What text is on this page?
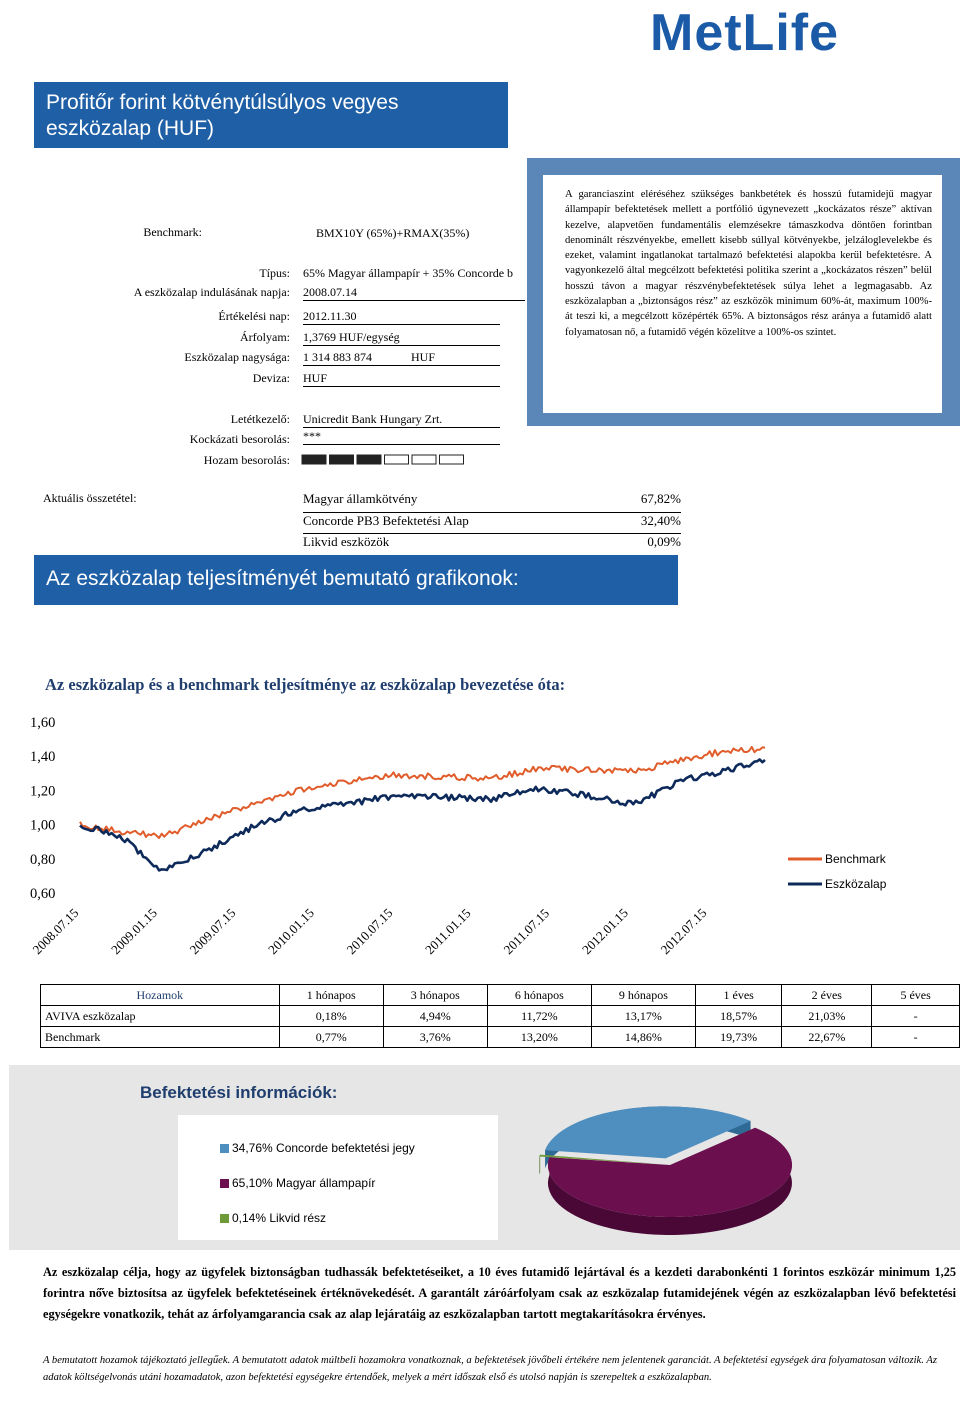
MetLife
Profitőr forint kötvénytúlsúlyos vegyes eszközalap (HUF)
Benchmark:	BMX10Y (65%)+RMAX(35%)
Típus: 65% Magyar állampapír + 35% Concorde b
A eszközalap indulásának napja: 2008.07.14
Értékelési nap: 2012.11.30
Árfolyam: 1,3769 HUF/egység
Eszközalap nagysága: 1 314 883 874	HUF
Deviza: HUF
Letétkezelő: Unicredit Bank Hungary Zrt.
Kockázati besorolás: ***
Hozam besorolás:
A garanciaszint eléréséhez szükséges bankbetétek és hosszú futamidejű magyar állampapír befektetések mellett a portfólió úgynevezett „kockázatos része” aktívan kezelve, alapvetően fundamentális elemzésekre támaszkodva döntően forintban denominált részvényekbe, emellett kisebb súllyal kötvényekbe, jelzáloglevelekbe és ezeket, valamint ingatlanokat tartalmazó befektetési alapokba kerül befektetésre. A vagyonkezelő által megcélzott befektetési politika szerint a „kockázatos részen” belül hosszú távon a magyar részvénybefektetések súlya lehet a legmagasabb. Az eszközalapban a „biztonságos rész” az eszközök minimum 60%-át, maximum 100%-át teszi ki, a megcélzott középérték 65%. A biztonságos rész aránya a futamidő alatt folyamatosan nő, a futamidő végén közelítve a 100%-os szintet.
Aktuális összetétel:	Magyar államkötvény	67,82%
Concorde PB3 Befektetési Alap	32,40%
Likvid eszközök	0,09%
Az eszközalap teljesítményét bemutató grafikonok:
Az eszközalap és a benchmark teljesítménye az eszközalap bevezetése óta:
0,60
0,80
1,00
1,20
1,40
1,60
2008.07.15 2009.01.15 2009.07.15 2010.01.15 2010.07.15 2011.01.15 2011.07.15 2012.01.15 2012.07.15
Benchmark
Eszközalap
Hozamok	1 hónapos	3 hónapos	6 hónapos	9 hónapos	1 éves	2 éves	5 éves
AVIVA eszközalap	0,18%	4,94%	11,72%	13,17%	18,57%	21,03%	-
Benchmark	0,77%	3,76%	13,20%	14,86%	19,73%	22,67%	-
Befektetési információk:
34,76% Concorde befektetési jegy
65,10% Magyar állampapír
0,14% Likvid rész
Az eszközalap célja, hogy az ügyfelek biztonságban tudhassák befektetéseiket, a 10 éves futamidő lejártával és a kezdeti darabonkénti 1 forintos eszközár minimum 1,25 forintra nő̋ve biztosítsa az ügyfelek befektetéseinek értéknövekedését. A garantált záróárfolyam csak az eszközalap futamidejének végén az eszközalapban lévő befektetési egységekre vonatkozik, tehát az árfolyamgarancia csak az alap lejáratáig az eszközalapban tartott megtakarításokra érvényes.
A bemutatott hozamok tájékoztató jellegűek. A bemutatott adatok múltbeli hozamokra vonatkoznak, a befektetések jövőbeli értékére nem jelentenek garanciát. A befektetési egységek ára folyamatosan változik. Az adatok költségelvonás utáni hozamadatok, azon befektetési egységekre értendőek, melyek a mért időszak első és utolsó napján is szerepeltek a eszközalapban.
